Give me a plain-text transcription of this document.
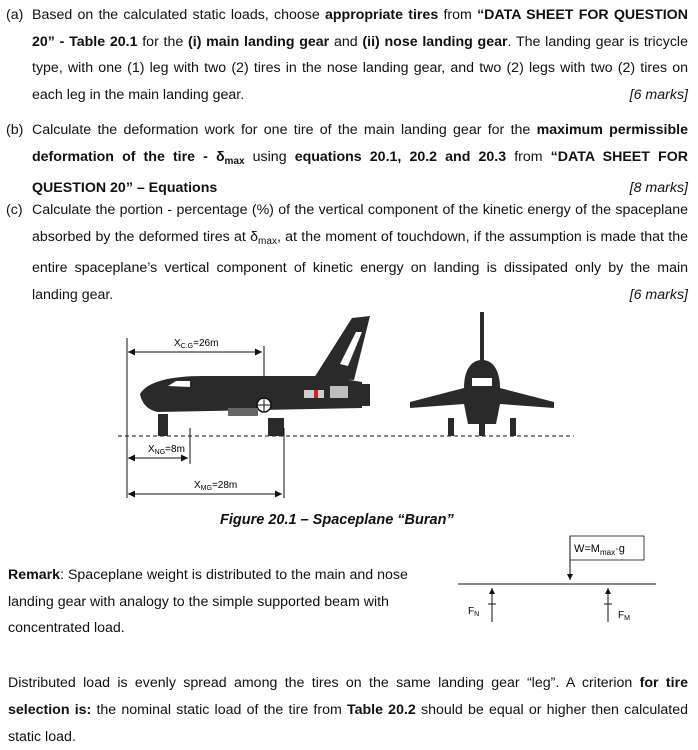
(a) Based on the calculated static loads, choose appropriate tires from “DATA SHEET FOR QUESTION 20” - Table 20.1 for the (i) main landing gear and (ii) nose landing gear. The landing gear is tricycle type, with one (1) leg with two (2) tires in the nose landing gear, and two (2) legs with two (2) tires on each leg in the main landing gear.	[6 marks]
(b) Calculate the deformation work for one tire of the main landing gear for the maximum permissible deformation of the tire - $\delta_{max}$ using equations 20.1, 20.2 and 20.3 from “DATA SHEET FOR QUESTION 20” – Equations	[8 marks]
(c) Calculate the portion - percentage (%) of the vertical component of the kinetic energy of the spaceplane absorbed by the deformed tires at $\delta_{max}$, at the moment of touchdown, if the assumption is made that the entire spaceplane’s vertical component of kinetic energy on landing is dissipated only by the main landing gear.	[6 marks]
$X_{C.G}=26m$
$X_{NG}=8m$
$X_{MG}=28m$
Figure 20.1 – Spaceplane “Buran”
Remark: Spaceplane weight is distributed to the main and nose landing gear with analogy to the simple supported beam with concentrated load.
$W=M_{max}\cdot g$
$F_N$	$F_M$
Distributed load is evenly spread among the tires on the same landing gear “leg”. A criterion for tire selection is: the nominal static load of the tire from Table 20.2 should be equal or higher then calculated static load.
